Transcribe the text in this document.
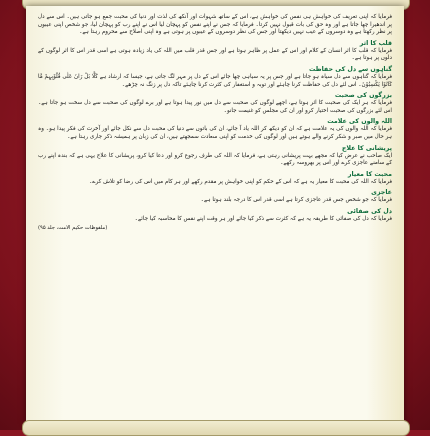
فرمایا کہ اپنی تعریف کی خواہش ہی نفس کی خواہش ہے، اس کے ساتھ شہوات اور آنکھ کی لذت اور دنیا کی محبت جمع ہو جاتی ہیں۔ اس سے دل پر اندھیرا چھا جاتا ہے اور وہ حق کی بات قبول نہیں کرتا۔ فرمایا کہ جس نے اپنے نفس کو پہچان لیا اس نے اپنے رب کو پہچان لیا، جو شخص اپنی عیبوں پر نظر رکھتا ہے وہ دوسروں کے عیب نہیں دیکھتا اور جس کی نظر دوسروں کے عیبوں پر ہوتی ہے وہ اپنی اصلاح سے محروم رہتا ہے۔

قلب کا اثر

فرمایا کہ قلب کا اثر انسان کے کلام اور اس کے عمل پر ظاہر ہوتا ہے اور جس قدر قلب میں اللہ کی یاد زیادہ ہوتی ہے اسی قدر اس کا اثر لوگوں کے دلوں پر ہوتا ہے۔

گناہوں سے دل کی حفاظت

فرمایا کہ گناہوں سے دل سیاہ ہو جاتا ہے اور جس پر یہ سیاہی چھا جائے اس کے دل پر مہر لگ جاتی ہے، جیسا کہ ارشاد ہے کَلَّا بَلْ رَانَ عَلٰی قُلُوْبِہِمْ مَّا کَانُوْا یَکْسِبُوْنَ۔ اس لئے دل کی حفاظت کرنا چاہئے اور توبہ و استغفار کی کثرت کرنا چاہئے تاکہ دل پر زنگ نہ چڑھے۔

بزرگوں کی صحبت

فرمایا کہ ہر ایک کی صحبت کا اثر ہوتا ہے، اچھے لوگوں کی صحبت سے دل میں نور پیدا ہوتا ہے اور برے لوگوں کی صحبت سے دل سخت ہو جاتا ہے۔ اس لئے بزرگوں کی صحبت اختیار کرو اور ان کی مجلس کو غنیمت جانو۔

اللہ والوں کی علامت

فرمایا کہ اللہ والوں کی یہ علامت ہے کہ ان کو دیکھ کر اللہ یاد آ جائے، ان کی باتوں سے دنیا کی محبت دل سے نکل جائے اور آخرت کی فکر پیدا ہو۔ وہ ہر حال میں صبر و شکر کرنے والے ہوتے ہیں اور لوگوں کی خدمت کو اپنی سعادت سمجھتے ہیں، ان کی زبان پر ہمیشہ ذکر جاری رہتا ہے۔

پریشانی کا علاج

ایک صاحب نے عرض کیا کہ مجھے بہت پریشانی رہتی ہے، فرمایا کہ اللہ کی طرف رجوع کرو اور دعا کیا کرو، پریشانی کا علاج یہی ہے کہ بندہ اپنے رب کے سامنے عاجزی کرے اور اس پر بھروسہ رکھے۔

محبت کا معیار

فرمایا کہ اللہ کی محبت کا معیار یہ ہے کہ اس کے حکم کو اپنی خواہش پر مقدم رکھے اور ہر کام میں اس کی رضا کو تلاش کرے۔

عاجزی

فرمایا کہ جو شخص جس قدر عاجزی کرتا ہے اسی قدر اس کا درجہ بلند ہوتا ہے۔

دل کی صفائی

فرمایا کہ دل کی صفائی کا طریقہ یہ ہے کہ کثرت سے ذکر کیا جائے اور ہر وقت اپنے نفس کا محاسبہ کیا جائے۔

(ملفوظات حکیم الامت، جلد ۹۵)
